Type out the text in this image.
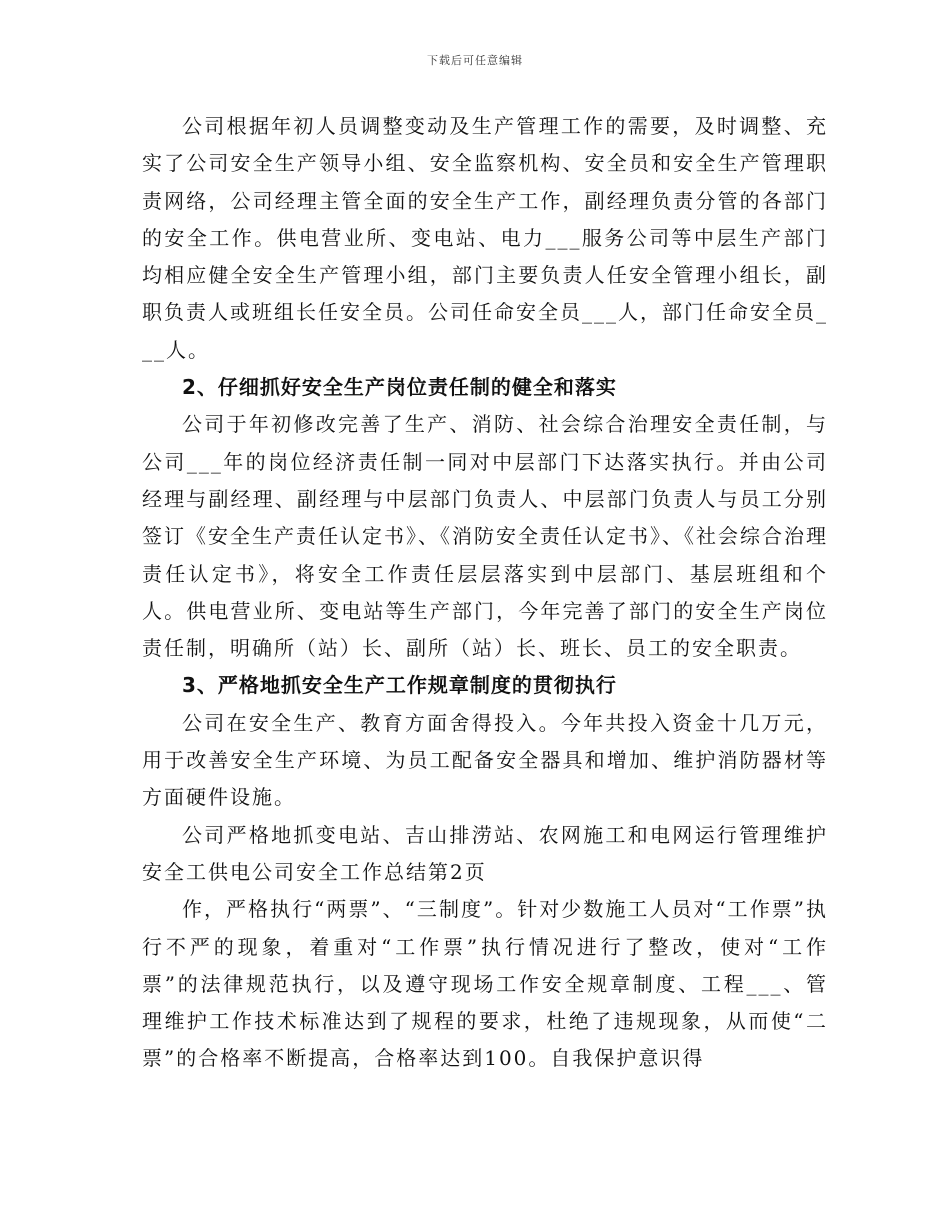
下载后可任意编辑

公司根据年初人员调整变动及生产管理工作的需要，及时调整、充实了公司安全生产领导小组、安全监察机构、安全员和安全生产管理职责网络，公司经理主管全面的安全生产工作，副经理负责分管的各部门的安全工作。供电营业所、变电站、电力___服务公司等中层生产部门均相应健全安全生产管理小组，部门主要负责人任安全管理小组长，副职负责人或班组长任安全员。公司任命安全员___人，部门任命安全员___人。

2、仔细抓好安全生产岗位责任制的健全和落实

公司于年初修改完善了生产、消防、社会综合治理安全责任制，与公司___年的岗位经济责任制一同对中层部门下达落实执行。并由公司经理与副经理、副经理与中层部门负责人、中层部门负责人与员工分别签订《安全生产责任认定书》、《消防安全责任认定书》、《社会综合治理责任认定书》，将安全工作责任层层落实到中层部门、基层班组和个人。供电营业所、变电站等生产部门，今年完善了部门的安全生产岗位责任制，明确所（站）长、副所（站）长、班长、员工的安全职责。

3、严格地抓安全生产工作规章制度的贯彻执行

公司在安全生产、教育方面舍得投入。今年共投入资金十几万元，用于改善安全生产环境、为员工配备安全器具和增加、维护消防器材等方面硬件设施。

公司严格地抓变电站、吉山排涝站、农网施工和电网运行管理维护安全工供电公司安全工作总结第2页

作，严格执行“两票”、“三制度”。针对少数施工人员对“工作票”执行不严的现象，着重对“工作票”执行情况进行了整改，使对“工作票”的法律规范执行，以及遵守现场工作安全规章制度、工程___、管理维护工作技术标准达到了规程的要求，杜绝了违规现象，从而使“二票”的合格率不断提高，合格率达到100。自我保护意识得
